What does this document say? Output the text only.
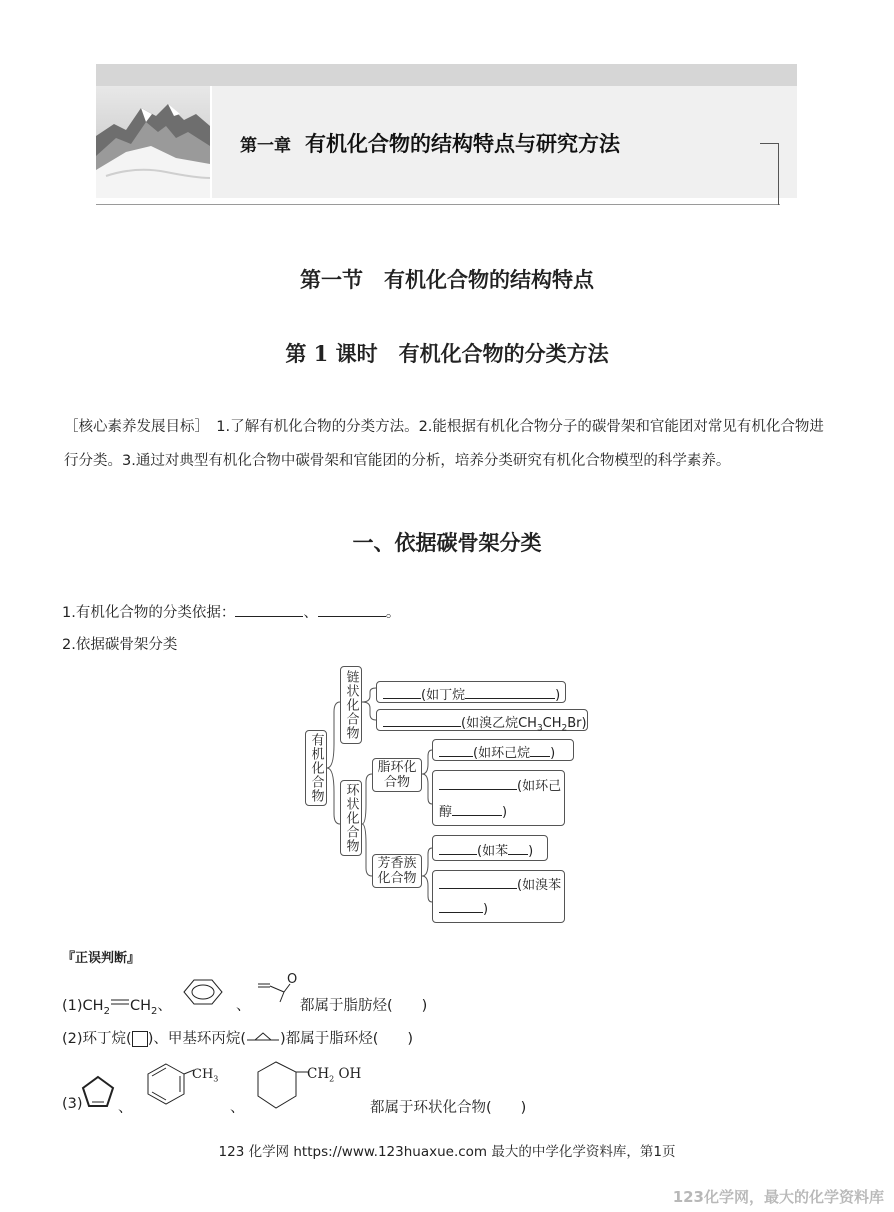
第一章 有机化合物的结构特点与研究方法
第一节　有机化合物的结构特点
第 1 课时　有机化合物的分类方法
［核心素养发展目标］　1.了解有机化合物的分类方法。2.能根据有机化合物分子的碳骨架和官能团对常见有机化合物进行分类。3.通过对典型有机化合物中碳骨架和官能团的分析，培养分类研究有机化合物模型的科学素养。
一、依据碳骨架分类
1.有机化合物的分类依据：	、	。
2.依据碳骨架分类
有机化合物
链状化合物
环状化合物
脂环化合物
芳香族化合物
(如丁烷	)
(如溴乙烷$CH_3CH_2Br$)
(如环己烷 )
(如环己
醇	)
(如苯 )
(如溴苯
)
『正误判断』
$(1)CH_2$ $CH_2$、	、
O
都属于脂肪烃(　　)
(2)环丁烷( )、甲基环丙烷( )都属于脂环烃(　　)
(3) 、
$CH_3$
、
$CH_2$ OH
都属于环状化合物(　　)
123 化学网 https://www.123huaxue.com 最大的中学化学资料库，第1页
123化学网，最大的化学资料库
